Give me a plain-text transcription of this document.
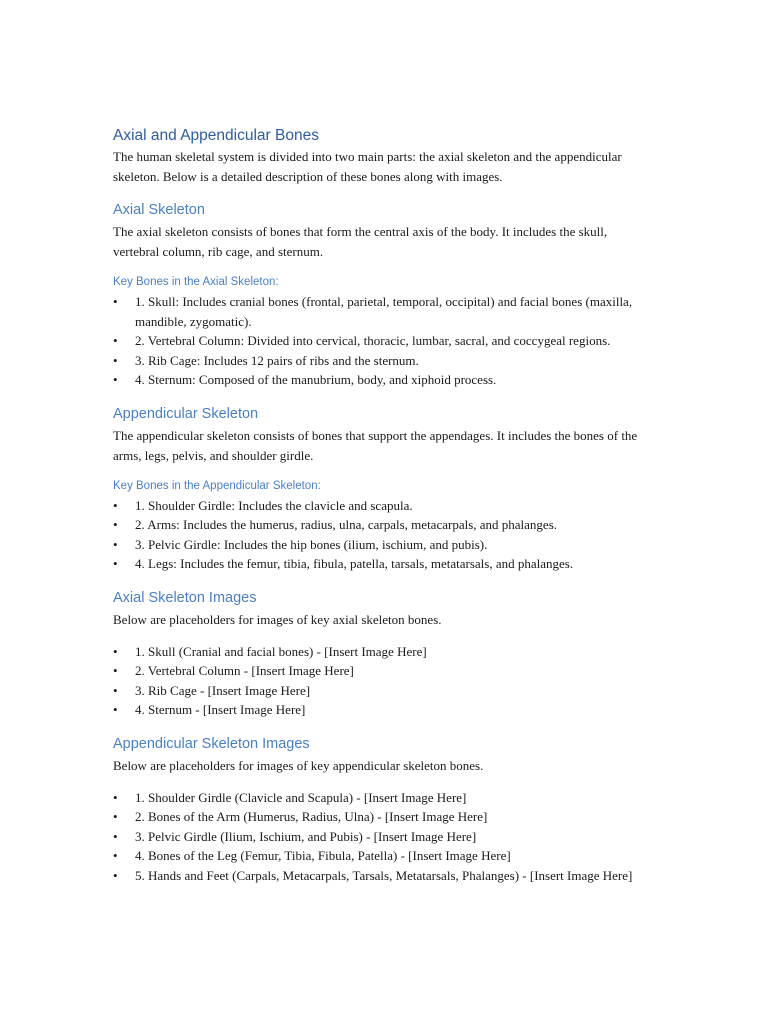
Axial and Appendicular Bones

The human skeletal system is divided into two main parts: the axial skeleton and the appendicular skeleton. Below is a detailed description of these bones along with images.

Axial Skeleton

The axial skeleton consists of bones that form the central axis of the body. It includes the skull, vertebral column, rib cage, and sternum.

Key Bones in the Axial Skeleton:
• 1. Skull: Includes cranial bones (frontal, parietal, temporal, occipital) and facial bones (maxilla, mandible, zygomatic).
• 2. Vertebral Column: Divided into cervical, thoracic, lumbar, sacral, and coccygeal regions.
• 3. Rib Cage: Includes 12 pairs of ribs and the sternum.
• 4. Sternum: Composed of the manubrium, body, and xiphoid process.
Appendicular Skeleton

The appendicular skeleton consists of bones that support the appendages. It includes the bones of the arms, legs, pelvis, and shoulder girdle.

Key Bones in the Appendicular Skeleton:
• 1. Shoulder Girdle: Includes the clavicle and scapula.
• 2. Arms: Includes the humerus, radius, ulna, carpals, metacarpals, and phalanges.
• 3. Pelvic Girdle: Includes the hip bones (ilium, ischium, and pubis).
• 4. Legs: Includes the femur, tibia, fibula, patella, tarsals, metatarsals, and phalanges.
Axial Skeleton Images

Below are placeholders for images of key axial skeleton bones.

• 1. Skull (Cranial and facial bones) - [Insert Image Here]
• 2. Vertebral Column - [Insert Image Here]
• 3. Rib Cage - [Insert Image Here]
• 4. Sternum - [Insert Image Here]
Appendicular Skeleton Images

Below are placeholders for images of key appendicular skeleton bones.

• 1. Shoulder Girdle (Clavicle and Scapula) - [Insert Image Here]
• 2. Bones of the Arm (Humerus, Radius, Ulna) - [Insert Image Here]
• 3. Pelvic Girdle (Ilium, Ischium, and Pubis) - [Insert Image Here]
• 4. Bones of the Leg (Femur, Tibia, Fibula, Patella) - [Insert Image Here]
• 5. Hands and Feet (Carpals, Metacarpals, Tarsals, Metatarsals, Phalanges) - [Insert Image Here]
